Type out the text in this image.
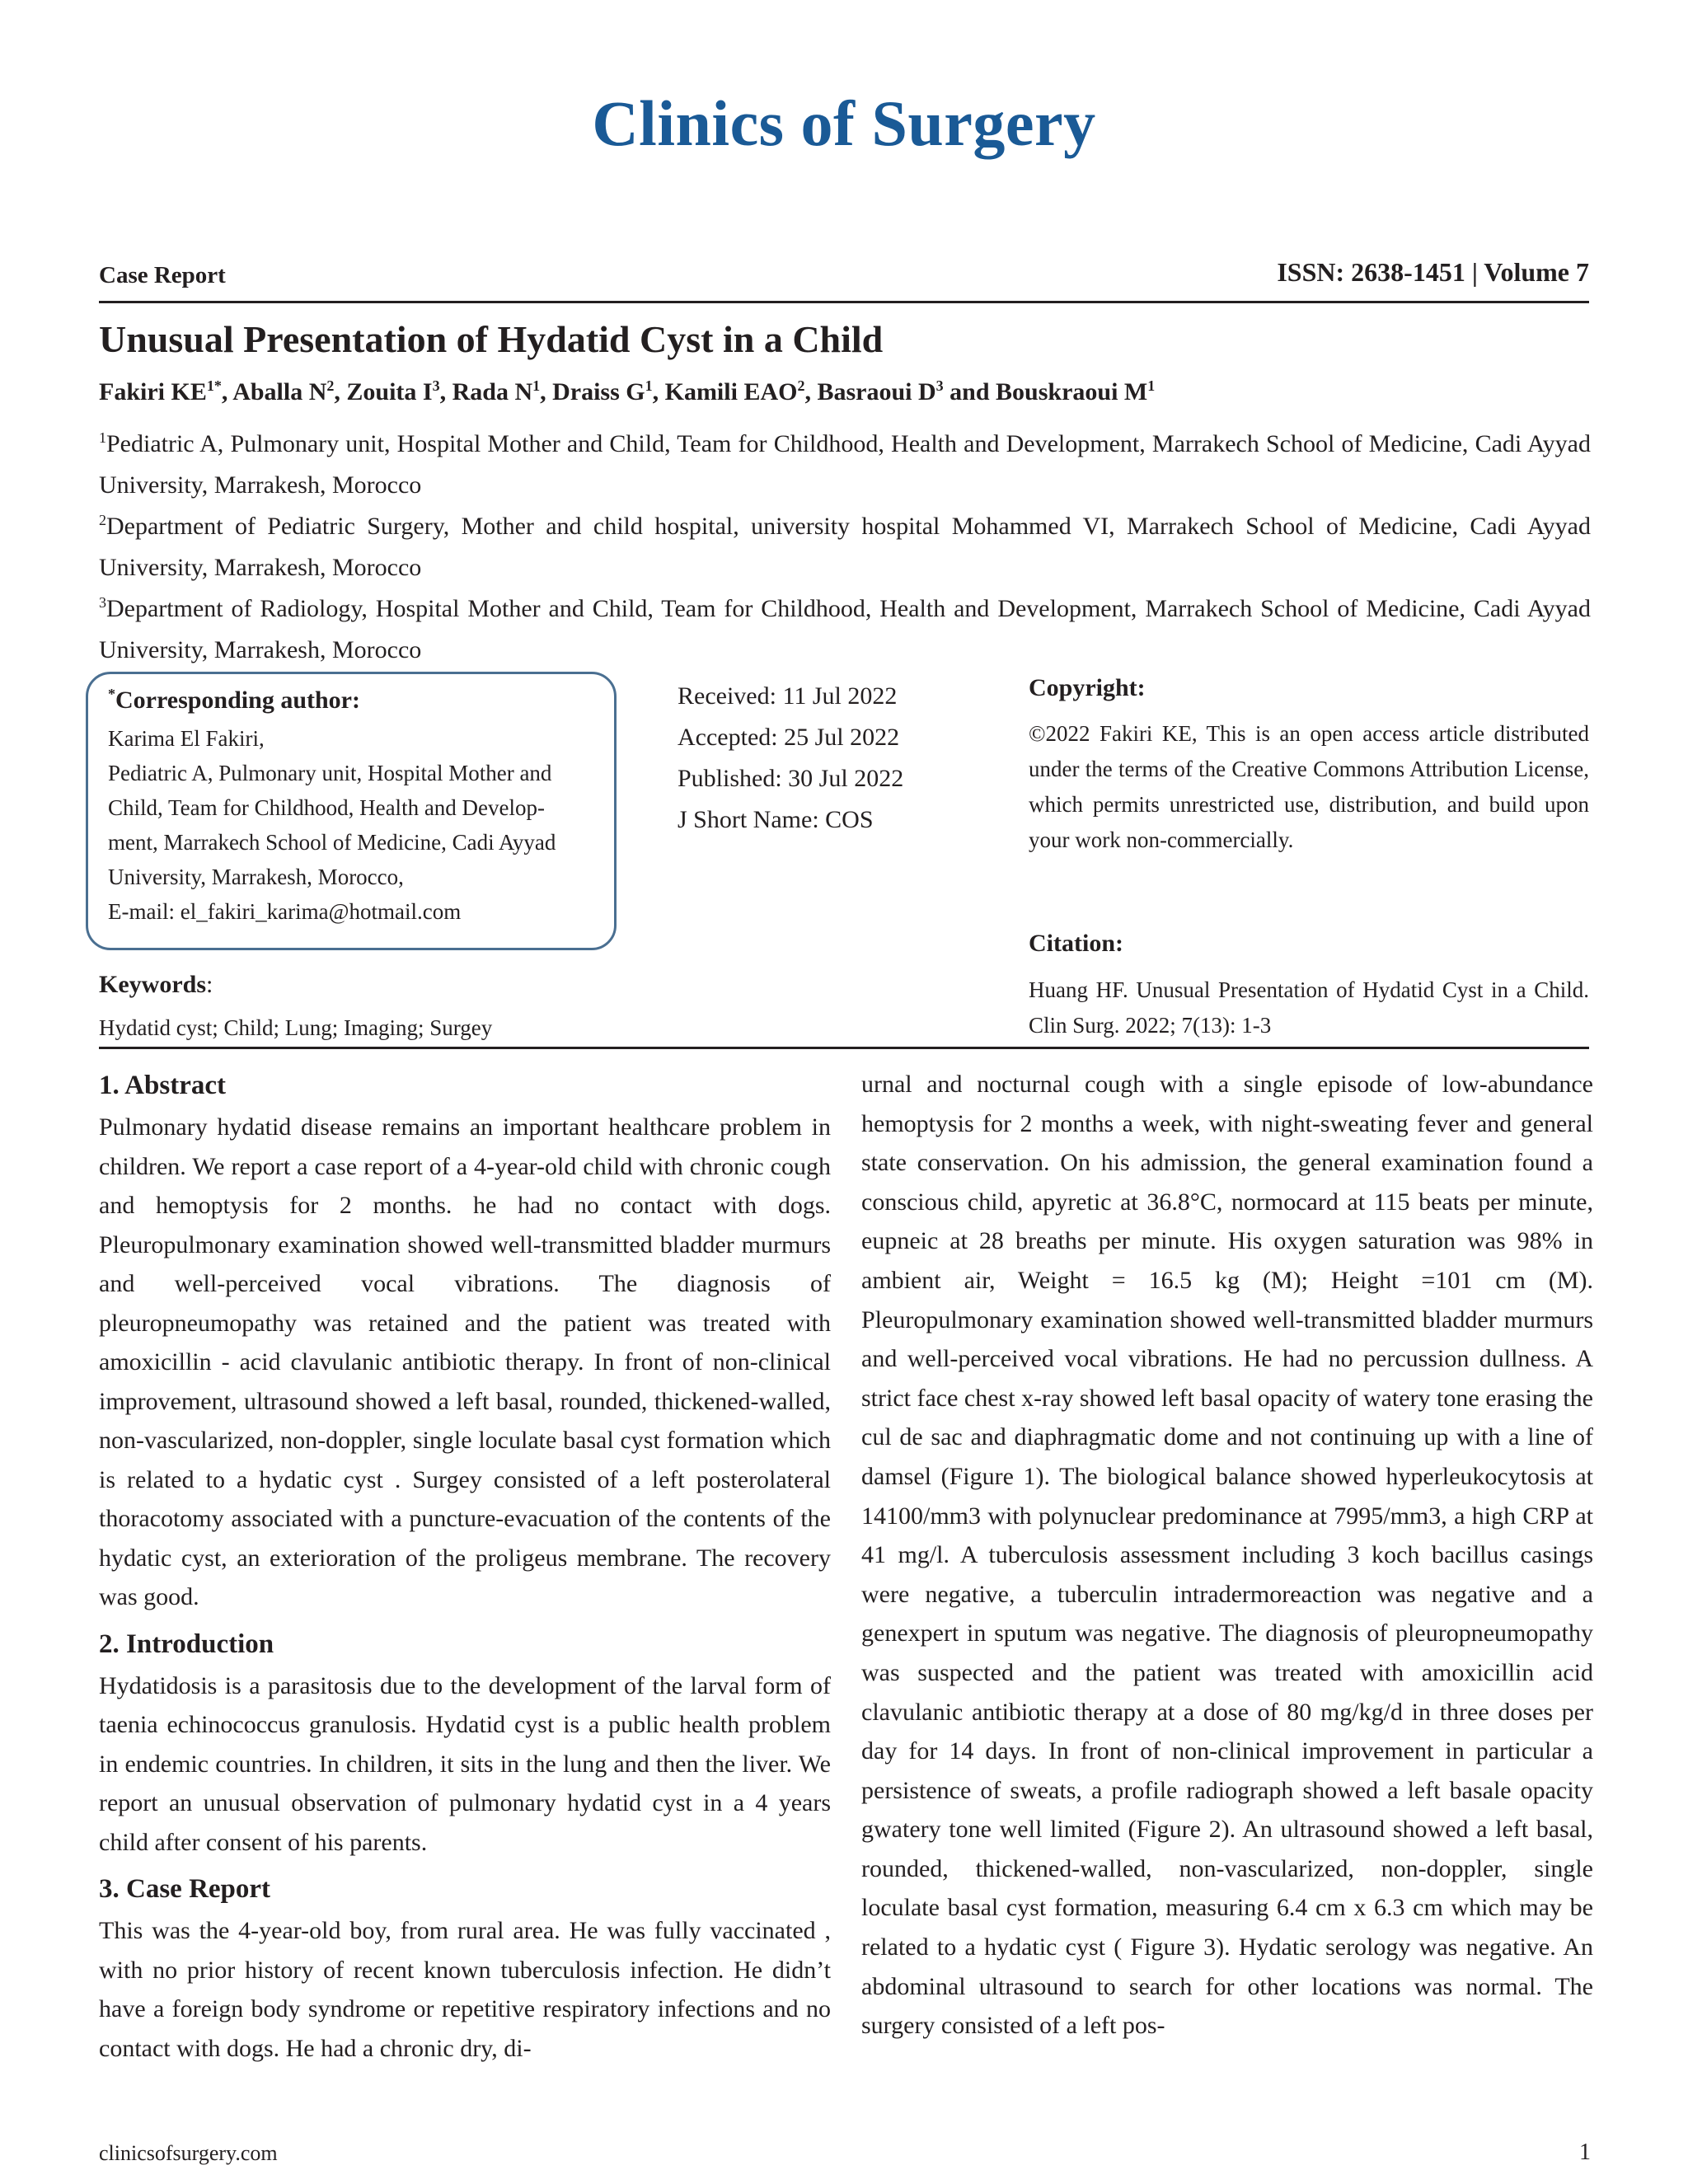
Clinics of Surgery
Case Report	ISSN: 2638-1451 | Volume 7
Unusual Presentation of Hydatid Cyst in a Child
Fakiri $KE^{1*}$, Aballa $N^2$, Zouita $I^3$, Rada $N^1$, Draiss $G^1$, Kamili EAO$^2$, Basraoui $D^3$ and Bouskraoui $M^1$
$^1$Pediatric A, Pulmonary unit, Hospital Mother and Child, Team for Childhood, Health and Development, Marrakech School of Medicine, Cadi Ayyad University, Marrakesh, Morocco
$^2$Department of Pediatric Surgery, Mother and child hospital, university hospital Mohammed VI, Marrakech School of Medicine, Cadi Ayyad University, Marrakesh, Morocco
$^3$Department of Radiology, Hospital Mother and Child, Team for Childhood, Health and Development, Marrakech School of Medicine, Cadi Ayyad University, Marrakesh, Morocco
*Corresponding author:
Karima El Fakiri,
Pediatric A, Pulmonary unit, Hospital Mother and
Child, Team for Childhood, Health and Develop-
ment, Marrakech School of Medicine, Cadi Ayyad
University, Marrakesh, Morocco,
E-mail: el_fakiri_karima@hotmail.com
Received: 11 Jul 2022
Accepted: 25 Jul 2022
Published: 30 Jul 2022
J Short Name: COS
Copyright:
©2022 Fakiri KE, This is an open access article distributed under the terms of the Creative Commons Attribution License, which permits unrestricted use, distribution, and build upon your work non-commercially.
Citation:
Huang HF. Unusual Presentation of Hydatid Cyst in a Child. Clin Surg. 2022; 7(13): 1-3
Keywords:
Hydatid cyst; Child; Lung; Imaging; Surgey
1. Abstract
Pulmonary hydatid disease remains an important healthcare problem in children. We report a case report of a 4-year-old child with chronic cough and hemoptysis for 2 months. he had no contact with dogs. Pleuropulmonary examination showed well-transmitted bladder murmurs and well-perceived vocal vibrations. The diagnosis of pleuropneumopathy was retained and the patient was treated with amoxicillin - acid clavulanic antibiotic therapy. In front of non-clinical improvement, ultrasound showed a left basal, rounded, thickened-walled, non-vascularized, non-doppler, single loculate basal cyst formation which is related to a hydatic cyst . Surgey consisted of a left posterolateral thoracotomy associated with a puncture-evacuation of the contents of the hydatic cyst, an exterioration of the proligeus membrane. The recovery was good.
2. Introduction
Hydatidosis is a parasitosis due to the development of the larval form of taenia echinococcus granulosis. Hydatid cyst is a public health problem in endemic countries. In children, it sits in the lung and then the liver. We report an unusual observation of pulmonary hydatid cyst in a 4 years child after consent of his parents.
3. Case Report
This was the 4-year-old boy, from rural area. He was fully vaccinated , with no prior history of recent known tuberculosis infection. He didn’t have a foreign body syndrome or repetitive respiratory infections and no contact with dogs. He had a chronic dry, di-
urnal and nocturnal cough with a single episode of low-abundance hemoptysis for 2 months a week, with night-sweating fever and general state conservation. On his admission, the general examination found a conscious child, apyretic at 36.8°C, normocard at 115 beats per minute, eupneic at 28 breaths per minute. His oxygen saturation was 98% in ambient air, Weight = 16.5 kg (M); Height =101 cm (M). Pleuropulmonary examination showed well-transmitted bladder murmurs and well-perceived vocal vibrations. He had no percussion dullness. A strict face chest x-ray showed left basal opacity of watery tone erasing the cul de sac and diaphragmatic dome and not continuing up with a line of damsel (Figure 1). The biological balance showed hyperleukocytosis at 14100/mm3 with polynuclear predominance at 7995/mm3, a high CRP at 41 mg/l. A tuberculosis assessment including 3 koch bacillus casings were negative, a tuberculin intradermoreaction was negative and a genexpert in sputum was negative. The diagnosis of pleuropneumopathy was suspected and the patient was treated with amoxicillin acid clavulanic antibiotic therapy at a dose of 80 mg/kg/d in three doses per day for 14 days. In front of non-clinical improvement in particular a persistence of sweats, a profile radiograph showed a left basale opacity gwatery tone well limited (Figure 2). An ultrasound showed a left basal, rounded, thickened-walled, non-vascularized, non-doppler, single loculate basal cyst formation, measuring 6.4 cm x 6.3 cm which may be related to a hydatic cyst ( Figure 3). Hydatic serology was negative. An abdominal ultrasound to search for other locations was normal. The surgery consisted of a left pos-
clinicsofsurgery.com	1
